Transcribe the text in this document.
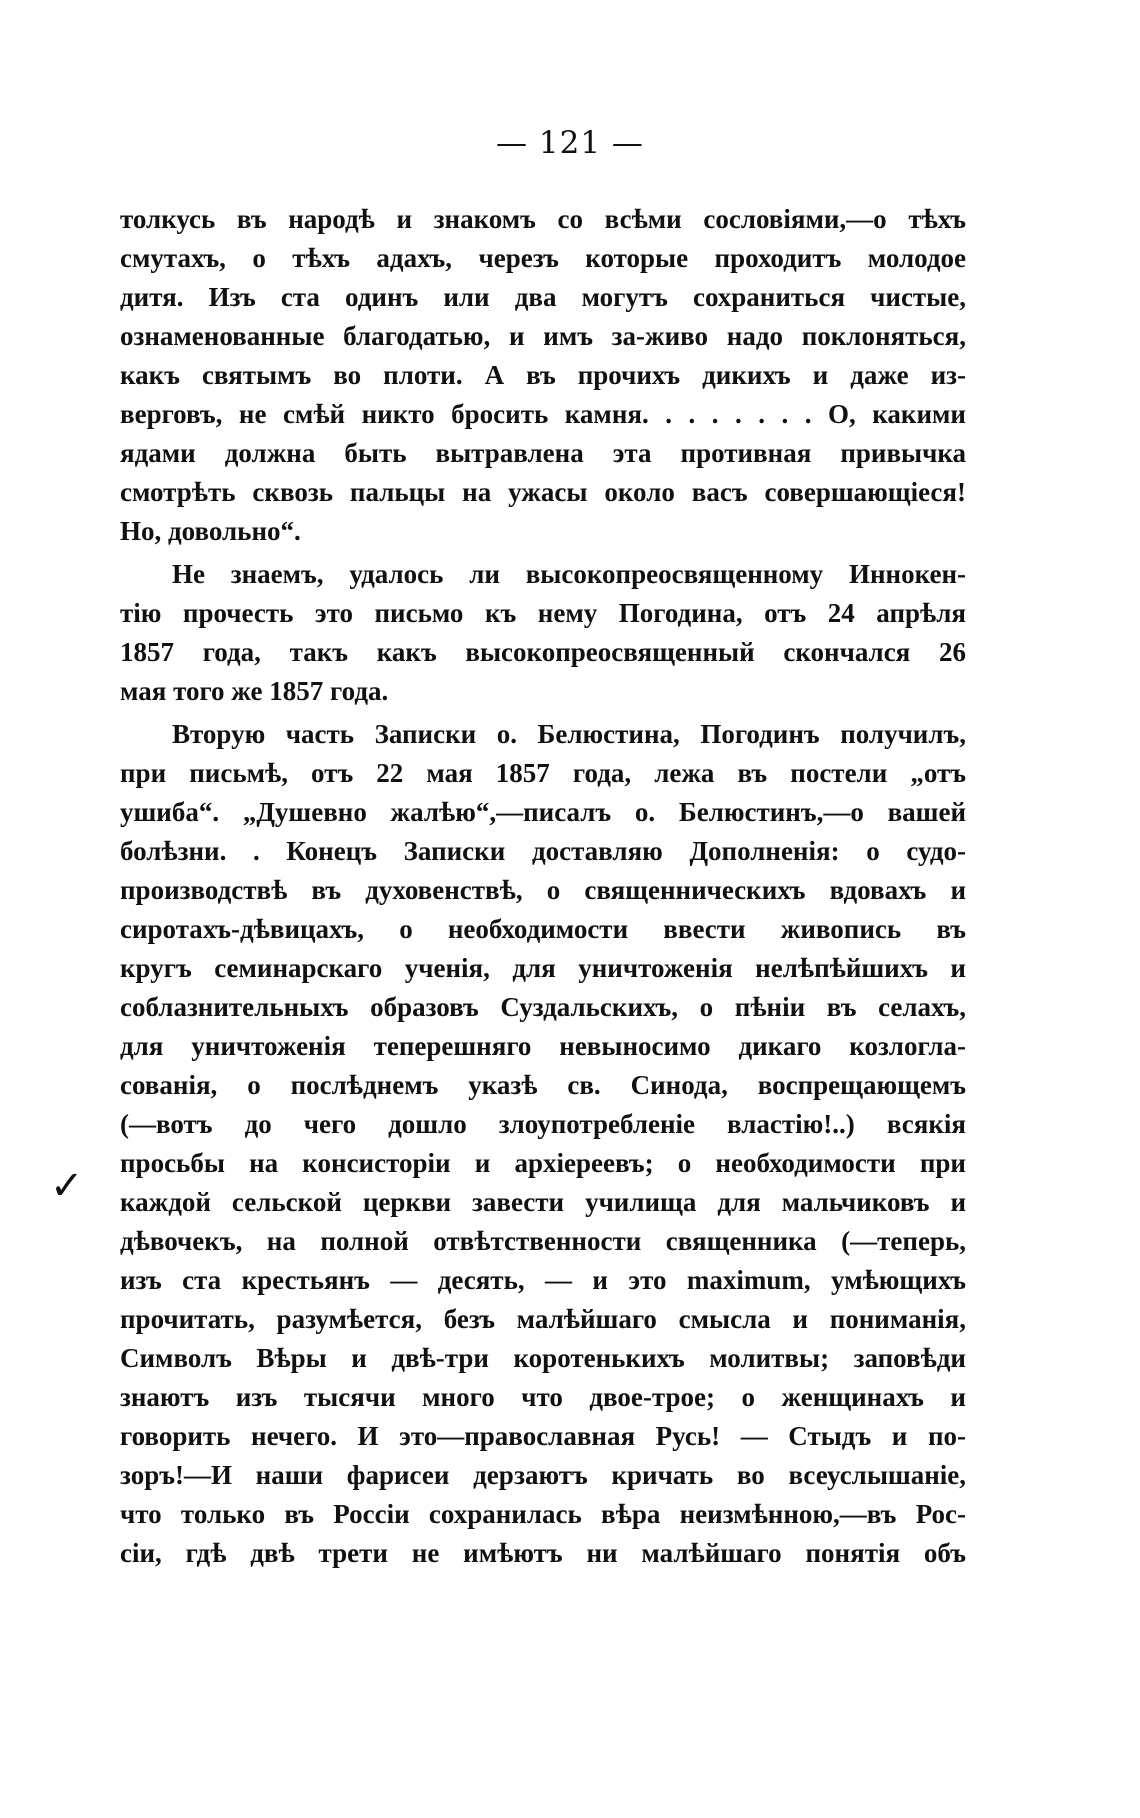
— 121 —
✓
толкусь въ народѣ и знакомъ со всѣми сословіями,—о тѣхъ
смутахъ, о тѣхъ адахъ, черезъ которые проходитъ молодое
дитя. Изъ ста одинъ или два могутъ сохраниться чистые,
ознаменованные благодатью, и имъ за-живо надо поклоняться,
какъ святымъ во плоти. А въ прочихъ дикихъ и даже из-
верговъ, не смѣй никто бросить камня. . . . . . . . О, какими
ядами должна быть вытравлена эта противная привычка
смотрѣть сквозь пальцы на ужасы около васъ совершающіеся!
Но, довольно“.
Не знаемъ, удалось ли высокопреосвященному Иннокен-
тію прочесть это письмо къ нему Погодина, отъ 24 апрѣля
1857 года, такъ какъ высокопреосвященный скончался 26
мая того же 1857 года.
Вторую часть Записки о. Белюстина, Погодинъ получилъ,
при письмѣ, отъ 22 мая 1857 года, лежа въ постели „отъ
ушиба“. „Душевно жалѣю“,—писалъ о. Белюстинъ,—о вашей
болѣзни. . Конецъ Записки доставляю Дополненія: о судо-
производствѣ въ духовенствѣ, о священническихъ вдовахъ и
сиротахъ-дѣвицахъ, о необходимости ввести живопись въ
кругъ семинарскаго ученія, для уничтоженія нелѣпѣйшихъ и
соблазнительныхъ образовъ Суздальскихъ, о пѣніи въ селахъ,
для уничтоженія теперешняго невыносимо дикаго козлогла-
сованія, о послѣднемъ указѣ св. Синода, воспрещающемъ
(—вотъ до чего дошло злоупотребленіе властію!..) всякія
просьбы на консисторіи и архіереевъ; о необходимости при
каждой сельской церкви завести училища для мальчиковъ и
дѣвочекъ, на полной отвѣтственности священника (—теперь,
изъ ста крестьянъ — десять, — и это maximum, умѣющихъ
прочитать, разумѣется, безъ малѣйшаго смысла и пониманія,
Символъ Вѣры и двѣ-три коротенькихъ молитвы; заповѣди
знаютъ изъ тысячи много что двое-трое; о женщинахъ и
говорить нечего. И это—православная Русь! — Стыдъ и по-
зоръ!—И наши фарисеи дерзаютъ кричать во всеуслышаніе,
что только въ Россіи сохранилась вѣра неизмѣнною,—въ Рос-
сіи, гдѣ двѣ трети не имѣютъ ни малѣйшаго понятія объ
